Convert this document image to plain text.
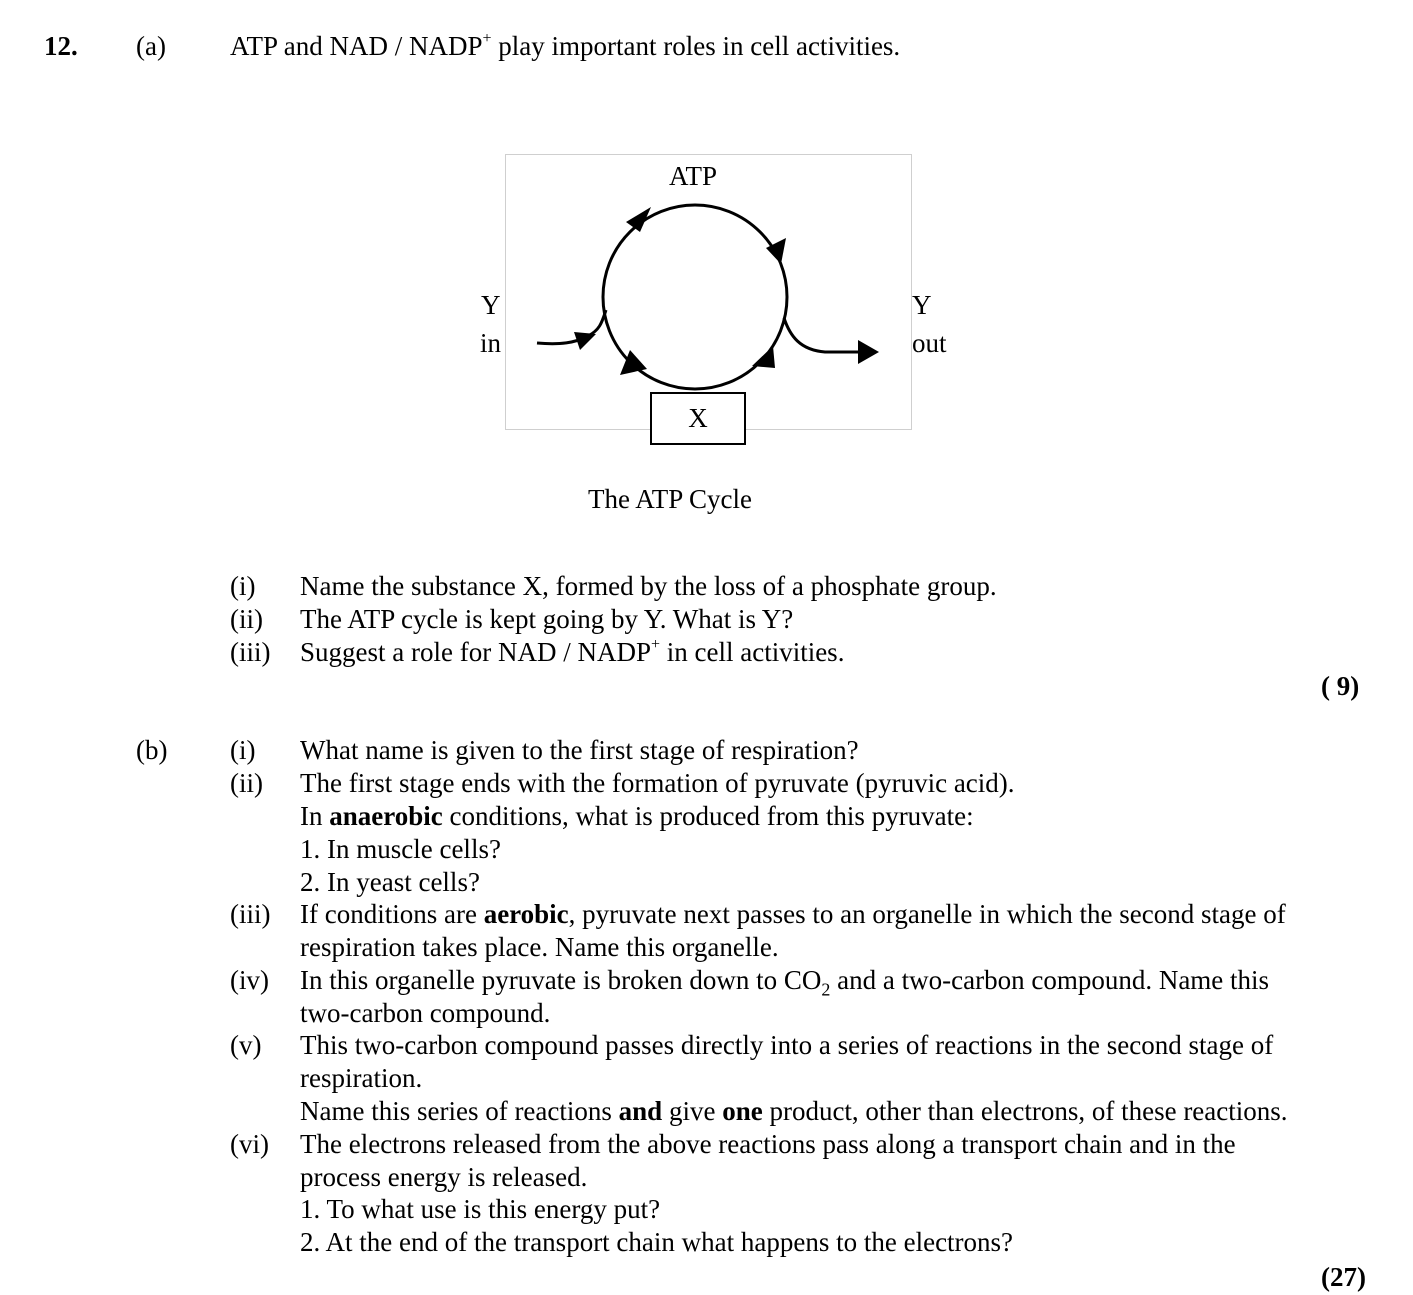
12. (a) ATP and NAD / NADP+ play important roles in cell activities.
ATP
Y
in
Y
out
X
The ATP Cycle
(i) Name the substance X, formed by the loss of a phosphate group.
(ii) The ATP cycle is kept going by Y. What is Y?
(iii) Suggest a role for NAD / NADP+ in cell activities.
( 9)
(b) (i) What name is given to the first stage of respiration?
(ii) The first stage ends with the formation of pyruvate (pyruvic acid).
In anaerobic conditions, what is produced from this pyruvate:
1. In muscle cells?
2. In yeast cells?
(iii) If conditions are aerobic, pyruvate next passes to an organelle in which the second stage of
respiration takes place. Name this organelle.
(iv) In this organelle pyruvate is broken down to $CO_2$ and a two-carbon compound. Name this
two-carbon compound.
(v) This two-carbon compound passes directly into a series of reactions in the second stage of
respiration.
Name this series of reactions and give one product, other than electrons, of these reactions.
(vi) The electrons released from the above reactions pass along a transport chain and in the
process energy is released.
1. To what use is this energy put?
2. At the end of the transport chain what happens to the electrons?
(27)
